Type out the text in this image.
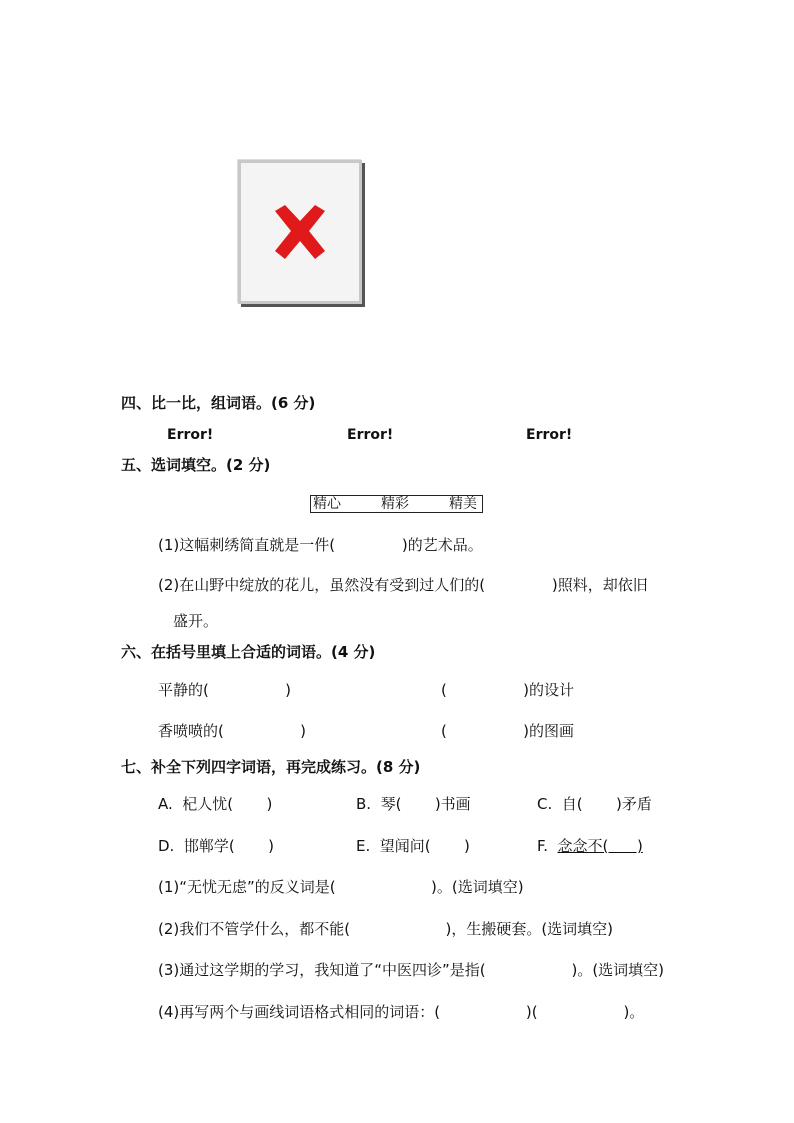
四、比一比，组词语。(6 分)
Error!	Error!	Error!
五、选词填空。(2 分)
精心	精彩	精美
(1)这幅刺绣简直就是一件(              )的艺术品。
(2)在山野中绽放的花儿，虽然没有受到过人们的(              )照料，却依旧
盛开。
六、在括号里填上合适的词语。(4 分)
平静的(                )	(                )的设计
香喷喷的(                )	(                )的图画
七、补全下列四字词语，再完成练习。(8 分)
A.  杞人忧(       )	B.  琴(       )书画	C.  自(       )矛盾
D.  邯郸学(       )	E.  望闻问(       )	F.  念念不(      )
(1)“无忧无虑”的反义词是(                    )。(选词填空)
(2)我们不管学什么，都不能(                    )，生搬硬套。(选词填空)
(3)通过这学期的学习，我知道了“中医四诊”是指(                  )。(选词填空)
(4)再写两个与画线词语格式相同的词语：(                  )(                  )。
